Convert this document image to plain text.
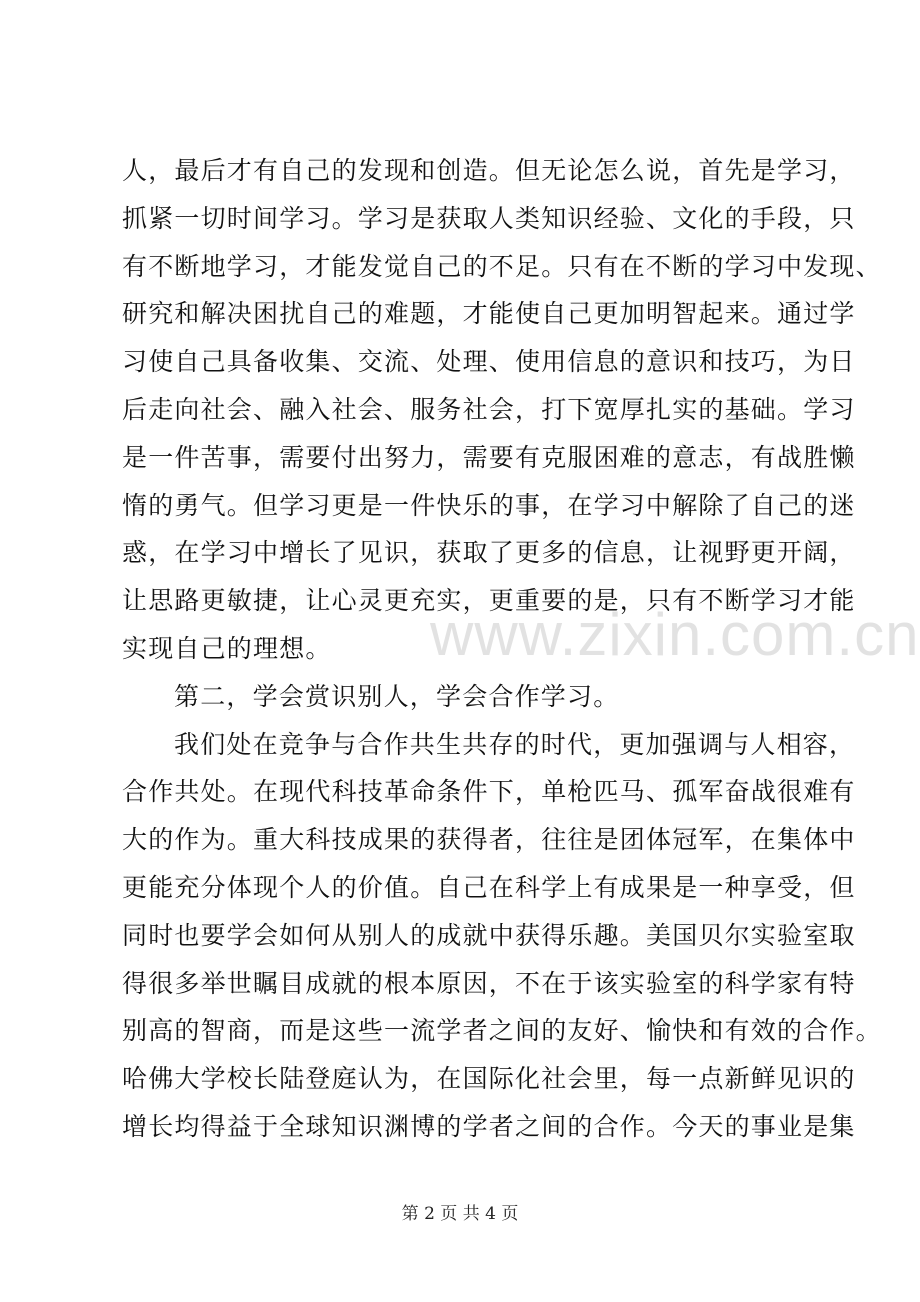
人，最后才有自己的发现和创造。但无论怎么说，首先是学习，
抓紧一切时间学习。学习是获取人类知识经验、文化的手段，只
有不断地学习，才能发觉自己的不足。只有在不断的学习中发现、
研究和解决困扰自己的难题，才能使自己更加明智起来。通过学
习使自己具备收集、交流、处理、使用信息的意识和技巧，为日
后走向社会、融入社会、服务社会，打下宽厚扎实的基础。学习
是一件苦事，需要付出努力，需要有克服困难的意志，有战胜懒
惰的勇气。但学习更是一件快乐的事，在学习中解除了自己的迷
惑，在学习中增长了见识，获取了更多的信息，让视野更开阔，
让思路更敏捷，让心灵更充实，更重要的是，只有不断学习才能
实现自己的理想。
第二，学会赏识别人，学会合作学习。
我们处在竞争与合作共生共存的时代，更加强调与人相容，
合作共处。在现代科技革命条件下，单枪匹马、孤军奋战很难有
大的作为。重大科技成果的获得者，往往是团体冠军，在集体中
更能充分体现个人的价值。自己在科学上有成果是一种享受，但
同时也要学会如何从别人的成就中获得乐趣。美国贝尔实验室取
得很多举世瞩目成就的根本原因，不在于该实验室的科学家有特
别高的智商，而是这些一流学者之间的友好、愉快和有效的合作。
哈佛大学校长陆登庭认为，在国际化社会里，每一点新鲜见识的
增长均得益于全球知识渊博的学者之间的合作。今天的事业是集
www.zixin.com.cn
第 2 页 共 4 页
